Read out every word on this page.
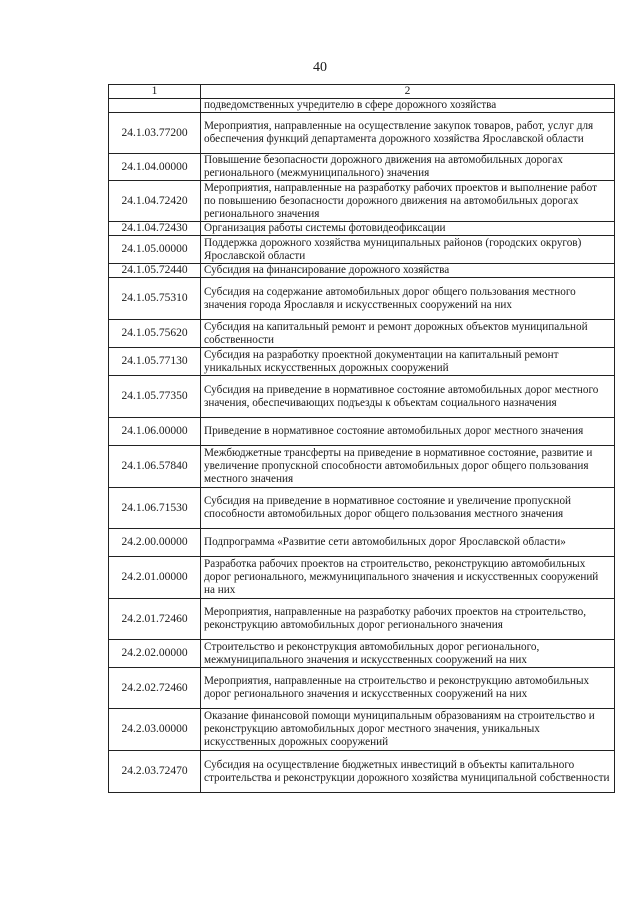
40
1	2
	подведомственных учредителю в сфере дорожного хозяйства
24.1.03.77200	Мероприятия, направленные на осуществление закупок товаров, работ, услуг для обеспечения функций департамента дорожного хозяйства Ярославской области
24.1.04.00000	Повышение безопасности дорожного движения на автомобильных дорогах регионального (межмуниципального) значения
24.1.04.72420	Мероприятия, направленные на разработку рабочих проектов и выполнение работ по повышению безопасности дорожного движения на автомобильных дорогах регионального значения
24.1.04.72430	Организация работы системы фотовидеофиксации
24.1.05.00000	Поддержка дорожного хозяйства муниципальных районов (городских округов) Ярославской области
24.1.05.72440	Субсидия на финансирование дорожного хозяйства
24.1.05.75310	Субсидия на содержание автомобильных дорог общего пользования местного значения города Ярославля и искусственных сооружений на них
24.1.05.75620	Субсидия на капитальный ремонт и ремонт дорожных объектов муниципальной собственности
24.1.05.77130	Субсидия на разработку проектной документации на капитальный ремонт уникальных искусственных дорожных сооружений
24.1.05.77350	Субсидия на приведение в нормативное состояние автомобильных дорог местного значения, обеспечивающих подъезды к объектам социального назначения
24.1.06.00000	Приведение в нормативное состояние автомобильных дорог местного значения
24.1.06.57840	Межбюджетные трансферты на приведение в нормативное состояние, развитие и увеличение пропускной способности автомобильных дорог общего пользования местного значения
24.1.06.71530	Субсидия на приведение в нормативное состояние и увеличение пропускной способности автомобильных дорог общего пользования местного значения
24.2.00.00000	Подпрограмма «Развитие сети автомобильных дорог Ярославской области»
24.2.01.00000	Разработка рабочих проектов на строительство, реконструкцию автомобильных дорог регионального, межмуниципального значения и искусственных сооружений на них
24.2.01.72460	Мероприятия, направленные на разработку рабочих проектов на строительство, реконструкцию автомобильных дорог регионального значения
24.2.02.00000	Строительство и реконструкция автомобильных дорог регионального, межмуниципального значения и искусственных сооружений на них
24.2.02.72460	Мероприятия, направленные на строительство и реконструкцию автомобильных дорог регионального значения и искусственных сооружений на них
24.2.03.00000	Оказание финансовой помощи муниципальным образованиям на строительство и реконструкцию автомобильных дорог местного значения, уникальных искусственных дорожных сооружений
24.2.03.72470	Субсидия на осуществление бюджетных инвестиций в объекты капитального строительства и реконструкции дорожного хозяйства муниципальной собственности
